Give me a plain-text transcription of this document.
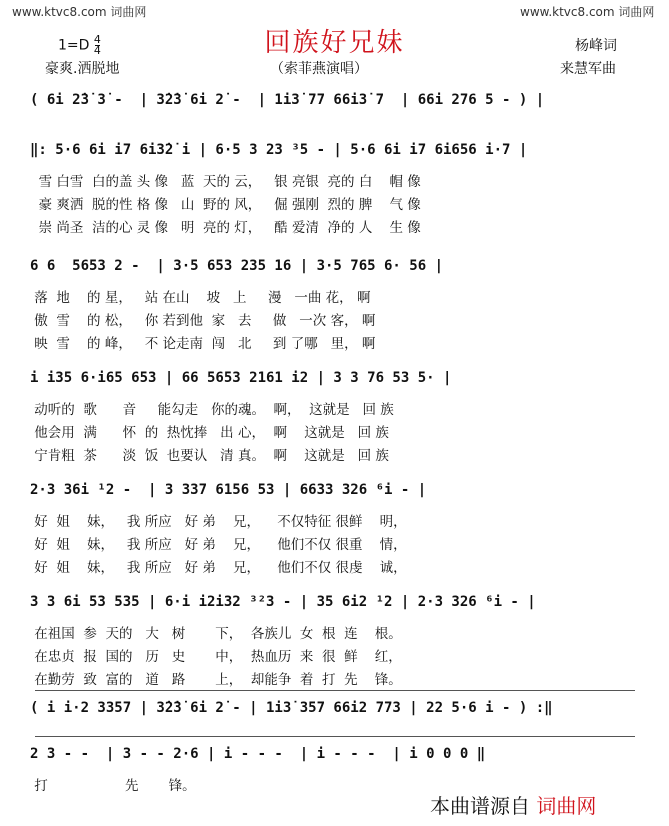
www.ktvc8.com 词曲网	www.ktvc8.com 词曲网
回族好兄妹
$1=D \frac{4}{4}$
豪爽.洒脱地	（索菲燕演唱）
杨峰词
来慧军曲
( 6i 2̇3̇ 3̇ -  | 3̇2̇3̇ 6i 2̇ -  | 1i3̇ 77 66i3̇ 7  | 66i 276 5 - ) |
‖: 5·6 6i i7 6i3̇2̇ i | 6·5 3 23 ³5 - | 5·6 6i i7 6i656 i·7 |
雪 白雪  白的盖 头 像   蓝  天的 云，   银 亮银  亮的 白    帽 像
豪 爽洒  脱的性 格 像   山  野的 风，   倔 强刚  烈的 脾    气 像
崇 尚圣  洁的心 灵 像   明  亮的 灯，   酷 爱清  净的 人    生 像
6 6  5653 2 -  | 3·5 653 235 16 | 3·5 765 6· 56 |
落  地    的 星，   站 在山    坡   上     漫   一曲 花， 啊
傲  雪    的 松，   你 若到他  家   去     做   一次 客， 啊
映  雪    的 峰，   不 论走南  闯   北     到 了哪   里， 啊
i i35 6·i65 653 | 66 5653 2161 i2 | 3 3 76 53 5· |
动听的  歌      音     能勾走   你的魂。  啊，  这就是   回 族
他会用  满      怀  的  热忱捧   出 心，  啊    这就是   回 族
宁肯粗  茶      淡  饭  也要认   清 真。  啊    这就是   回 族
2·3 36i ¹2 -  | 3 337 6156 53 | 6633 326 ⁶i - |
好  姐    妹，   我 所应   好 弟    兄，    不仅特征 很鲜    明，
好  姐    妹，   我 所应   好 弟    兄，    他们不仅 很重    情，
好  姐    妹，   我 所应   好 弟    兄，    他们不仅 很虔    诚，
3 3 6i 53 535 | 6·i i2i32 ³²3 - | 35 6i2 ¹2 | 2·3 326 ⁶i - |
在祖国  参  天的   大   树       下，  各族儿  女  根  连    根。
在忠贞  报  国的   历   史       中，  热血历  来  很  鲜    红，
在勤劳  致  富的   道   路       上，  却能争  着  打  先    锋。
( i i·2 3357 | 3̇2̇3̇ 6i 2̇ - | 1i3̇ 357 66i2 773 | 22 5·6 i - ) :‖
2 3 - -  | 3 - - 2·6 | i - - -  | i - - -  | i 0 0 0 ‖
打                  先       锋。
本曲谱源自 词曲网
